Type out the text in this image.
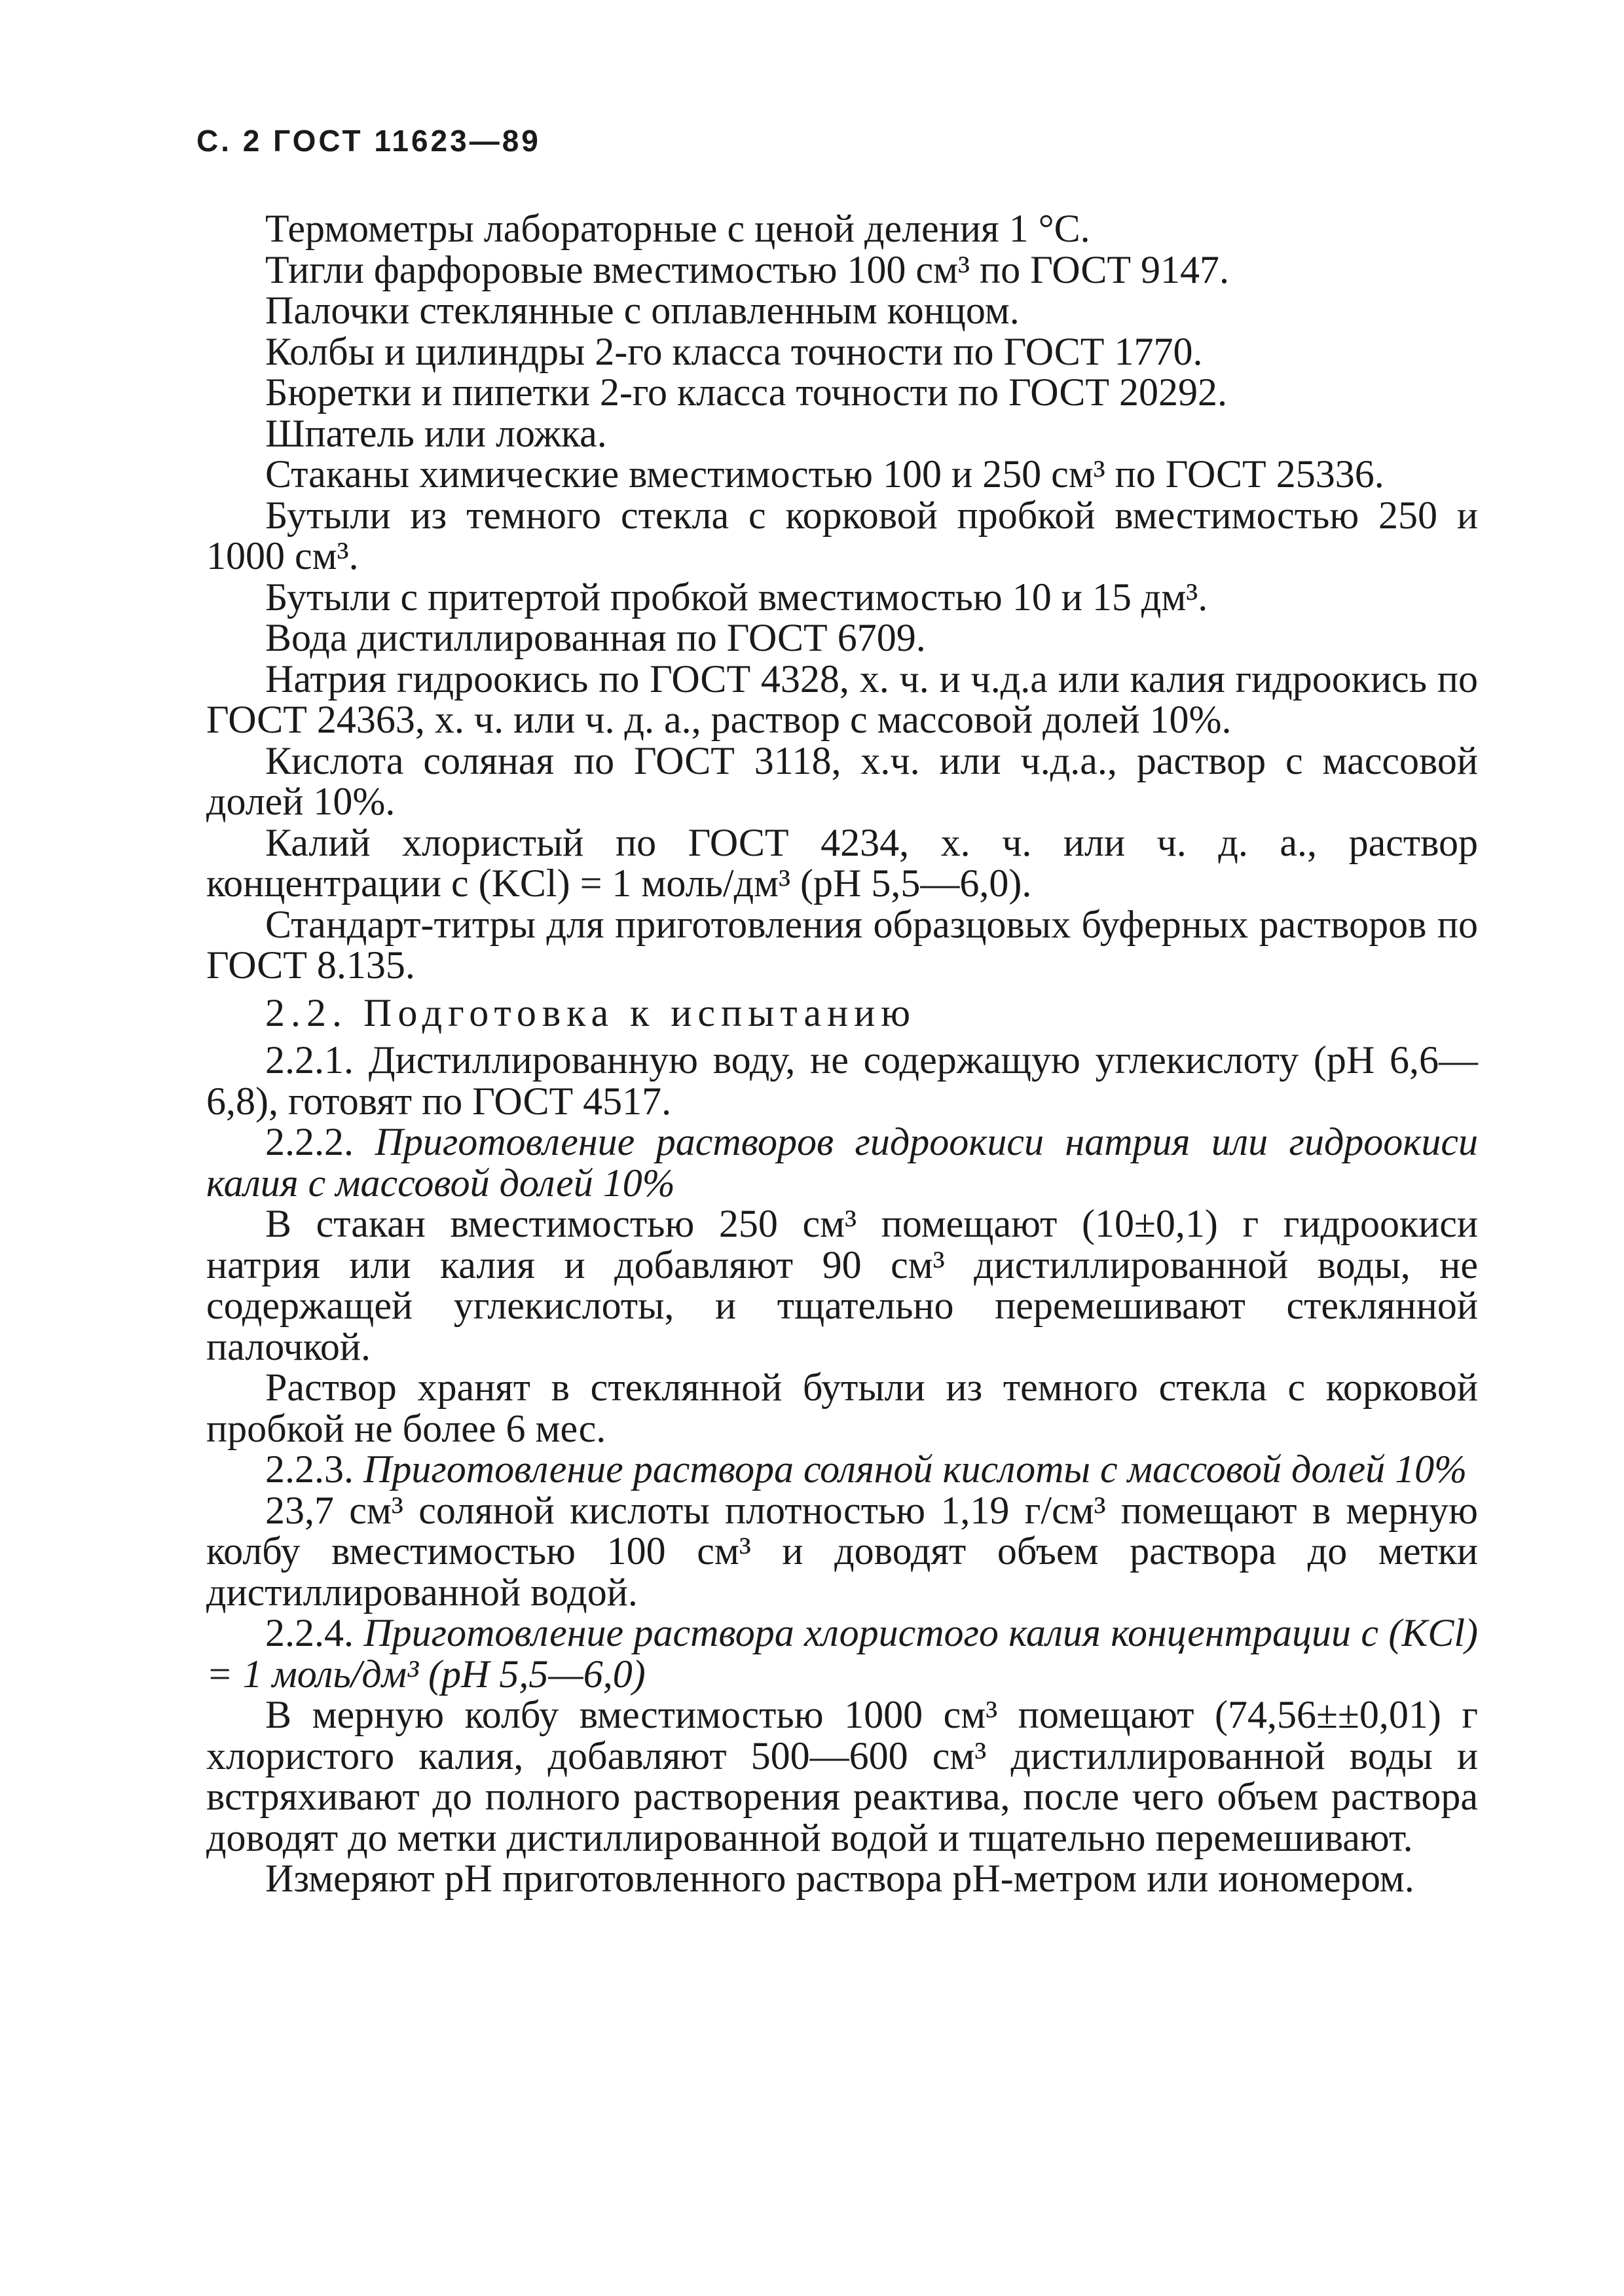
С. 2 ГОСТ 11623—89

Термометры лабораторные с ценой деления 1 °С.

Тигли фарфоровые вместимостью 100 см³ по ГОСТ 9147.

Палочки стеклянные с оплавленным концом.

Колбы и цилиндры 2-го класса точности по ГОСТ 1770.

Бюретки и пипетки 2-го класса точности по ГОСТ 20292.

Шпатель или ложка.

Стаканы химические вместимостью 100 и 250 см³ по ГОСТ 25336.

Бутыли из темного стекла с корковой пробкой вместимостью 250 и 1000 см³.

Бутыли с притертой пробкой вместимостью 10 и 15 дм³.

Вода дистиллированная по ГОСТ 6709.

Натрия гидроокись по ГОСТ 4328, х. ч. и ч.д.а или калия гидроокись по ГОСТ 24363, х. ч. или ч. д. а., раствор с массовой долей 10%.

Кислота соляная по ГОСТ 3118, х.ч. или ч.д.а., раствор с массовой долей 10%.

Калий хлористый по ГОСТ 4234, х. ч. или ч. д. а., раствор концентрации с (KCl) = 1 моль/дм³ (pH 5,5—6,0).

Стандарт-титры для приготовления образцовых буферных растворов по ГОСТ 8.135.

2.2. Подготовка к испытанию

2.2.1. Дистиллированную воду, не содержащую углекислоту (pH 6,6—6,8), готовят по ГОСТ 4517.

2.2.2. Приготовление растворов гидроокиси натрия или гидроокиси калия с массовой долей 10%

В стакан вместимостью 250 см³ помещают (10±0,1) г гидроокиси натрия или калия и добавляют 90 см³ дистиллированной воды, не содержащей углекислоты, и тщательно перемешивают стеклянной палочкой.

Раствор хранят в стеклянной бутыли из темного стекла с корковой пробкой не более 6 мес.

2.2.3. Приготовление раствора соляной кислоты с массовой долей 10%

23,7 см³ соляной кислоты плотностью 1,19 г/см³ помещают в мерную колбу вместимостью 100 см³ и доводят объем раствора до метки дистиллированной водой.

2.2.4. Приготовление раствора хлористого калия концентрации с (KCl) = 1 моль/дм³ (pH 5,5—6,0)

В мерную колбу вместимостью 1000 см³ помещают (74,56±±0,01) г хлористого калия, добавляют 500—600 см³ дистиллированной воды и встряхивают до полного растворения реактива, после чего объем раствора доводят до метки дистиллированной водой и тщательно перемешивают.

Измеряют pH приготовленного раствора pH-метром или иономером.
